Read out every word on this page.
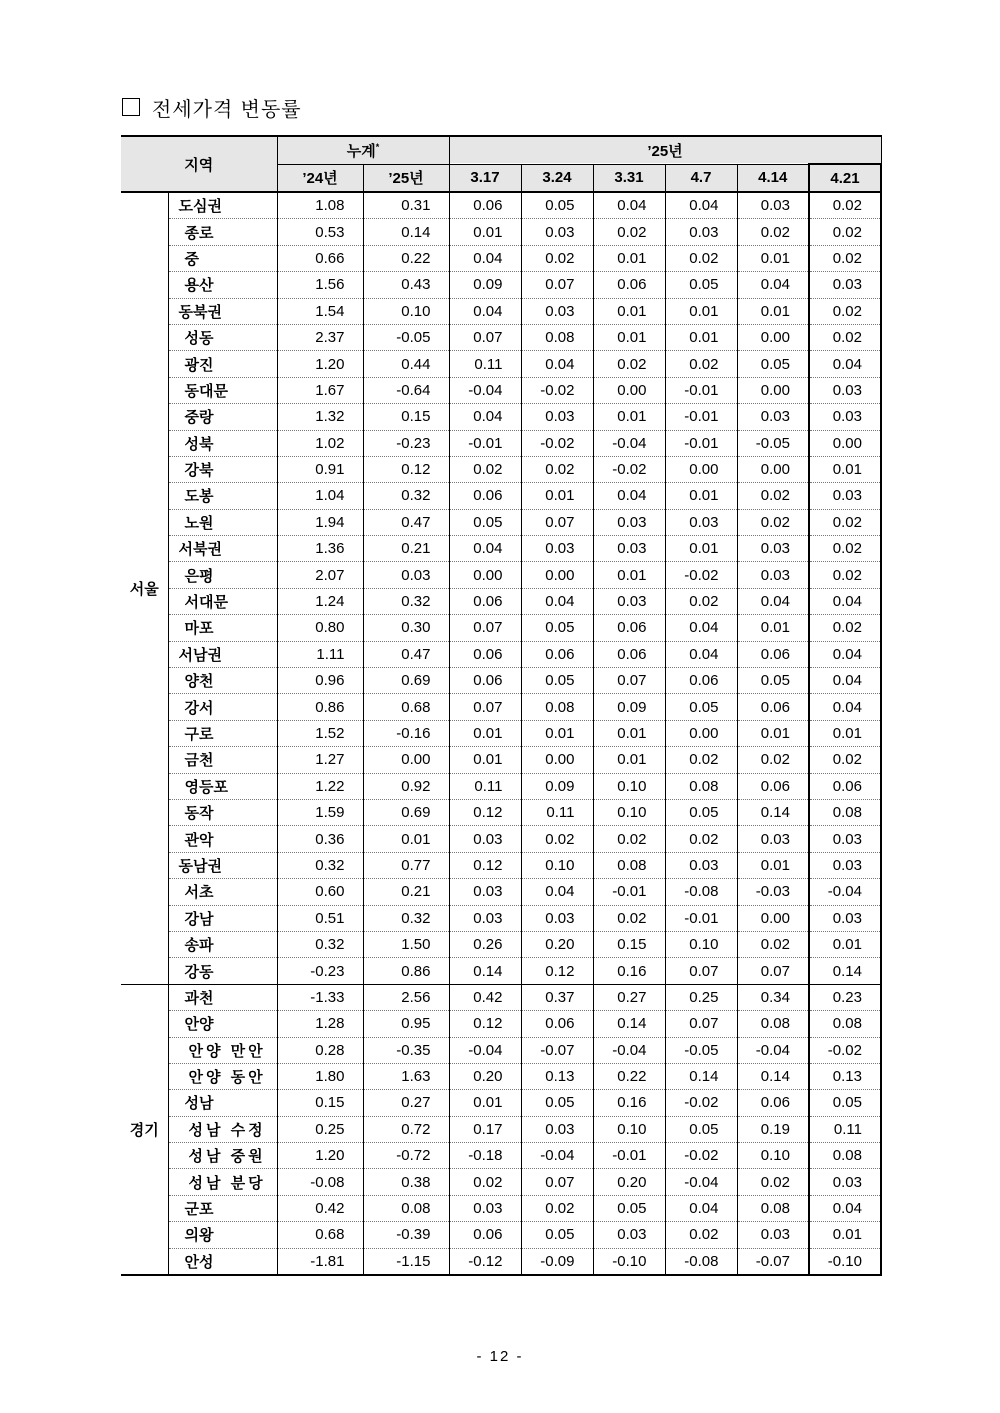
전세가격 변동률
지역		누계*		’25년					
		’24년	’25년	3.17	3.24	3.31	4.7	4.14	4.21
서울	도심권	1.08	0.31	0.06	0.05	0.04	0.04	0.03	0.02
	종로	0.53	0.14	0.01	0.03	0.02	0.03	0.02	0.02
	중	0.66	0.22	0.04	0.02	0.01	0.02	0.01	0.02
	용산	1.56	0.43	0.09	0.07	0.06	0.05	0.04	0.03
	동북권	1.54	0.10	0.04	0.03	0.01	0.01	0.01	0.02
	성동	2.37	-0.05	0.07	0.08	0.01	0.01	0.00	0.02
	광진	1.20	0.44	0.11	0.04	0.02	0.02	0.05	0.04
	동대문	1.67	-0.64	-0.04	-0.02	0.00	-0.01	0.00	0.03
	중랑	1.32	0.15	0.04	0.03	0.01	-0.01	0.03	0.03
	성북	1.02	-0.23	-0.01	-0.02	-0.04	-0.01	-0.05	0.00
	강북	0.91	0.12	0.02	0.02	-0.02	0.00	0.00	0.01
	도봉	1.04	0.32	0.06	0.01	0.04	0.01	0.02	0.03
	노원	1.94	0.47	0.05	0.07	0.03	0.03	0.02	0.02
	서북권	1.36	0.21	0.04	0.03	0.03	0.01	0.03	0.02
	은평	2.07	0.03	0.00	0.00	0.01	-0.02	0.03	0.02
	서대문	1.24	0.32	0.06	0.04	0.03	0.02	0.04	0.04
	마포	0.80	0.30	0.07	0.05	0.06	0.04	0.01	0.02
	서남권	1.11	0.47	0.06	0.06	0.06	0.04	0.06	0.04
	양천	0.96	0.69	0.06	0.05	0.07	0.06	0.05	0.04
	강서	0.86	0.68	0.07	0.08	0.09	0.05	0.06	0.04
	구로	1.52	-0.16	0.01	0.01	0.01	0.00	0.01	0.01
	금천	1.27	0.00	0.01	0.00	0.01	0.02	0.02	0.02
	영등포	1.22	0.92	0.11	0.09	0.10	0.08	0.06	0.06
	동작	1.59	0.69	0.12	0.11	0.10	0.05	0.14	0.08
	관악	0.36	0.01	0.03	0.02	0.02	0.02	0.03	0.03
	동남권	0.32	0.77	0.12	0.10	0.08	0.03	0.01	0.03
	서초	0.60	0.21	0.03	0.04	-0.01	-0.08	-0.03	-0.04
	강남	0.51	0.32	0.03	0.03	0.02	-0.01	0.00	0.03
	송파	0.32	1.50	0.26	0.20	0.15	0.10	0.02	0.01
	강동	-0.23	0.86	0.14	0.12	0.16	0.07	0.07	0.14
경기	과천	-1.33	2.56	0.42	0.37	0.27	0.25	0.34	0.23
	안양	1.28	0.95	0.12	0.06	0.14	0.07	0.08	0.08
	안양 만안	0.28	-0.35	-0.04	-0.07	-0.04	-0.05	-0.04	-0.02
	안양 동안	1.80	1.63	0.20	0.13	0.22	0.14	0.14	0.13
	성남	0.15	0.27	0.01	0.05	0.16	-0.02	0.06	0.05
	성남 수정	0.25	0.72	0.17	0.03	0.10	0.05	0.19	0.11
	성남 중원	1.20	-0.72	-0.18	-0.04	-0.01	-0.02	0.10	0.08
	성남 분당	-0.08	0.38	0.02	0.07	0.20	-0.04	0.02	0.03
	군포	0.42	0.08	0.03	0.02	0.05	0.04	0.08	0.04
	의왕	0.68	-0.39	0.06	0.05	0.03	0.02	0.03	0.01
	안성	-1.81	-1.15	-0.12	-0.09	-0.10	-0.08	-0.07	-0.10
- 12 -
